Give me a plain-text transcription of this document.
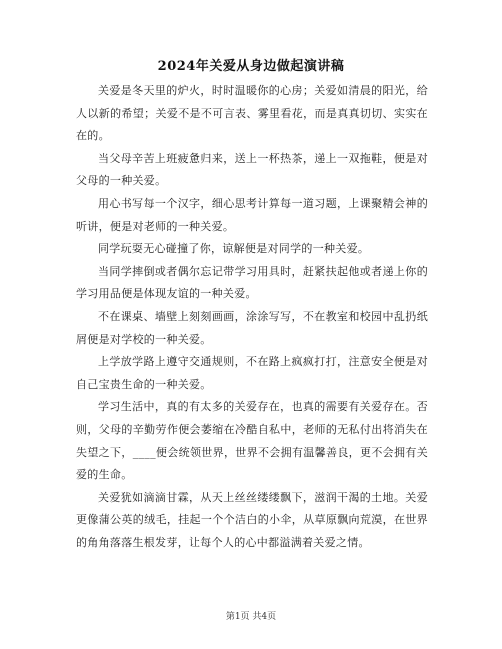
2024年关爱从身边做起演讲稿

关爱是冬天里的炉火，时时温暖你的心房；关爱如清晨的阳光，给人以新的希望；关爱不是不可言表、雾里看花，而是真真切切、实实在在的。

当父母辛苦上班疲惫归来，送上一杯热茶，递上一双拖鞋，便是对父母的一种关爱。

用心书写每一个汉字，细心思考计算每一道习题，上课聚精会神的听讲，便是对老师的一种关爱。

同学玩耍无心碰撞了你，谅解便是对同学的一种关爱。

当同学摔倒或者偶尔忘记带学习用具时，赶紧扶起他或者递上你的学习用品便是体现友谊的一种关爱。

不在课桌、墙壁上刻刻画画，涂涂写写，不在教室和校园中乱扔纸屑便是对学校的一种关爱。

上学放学路上遵守交通规则，不在路上疯疯打打，注意安全便是对自己宝贵生命的一种关爱。

学习生活中，真的有太多的关爱存在，也真的需要有关爱存在。否则，父母的辛勤劳作便会萎缩在冷酷自私中，老师的无私付出将消失在失望之下，____便会统领世界，世界不会拥有温馨善良，更不会拥有关爱的生命。

关爱犹如滴滴甘霖，从天上丝丝缕缕飘下，滋润干渴的土地。关爱更像蒲公英的绒毛，挂起一个个洁白的小伞，从草原飘向荒漠，在世界的角角落落生根发芽，让每个人的心中都溢满着关爱之情。

第1页 共4页
